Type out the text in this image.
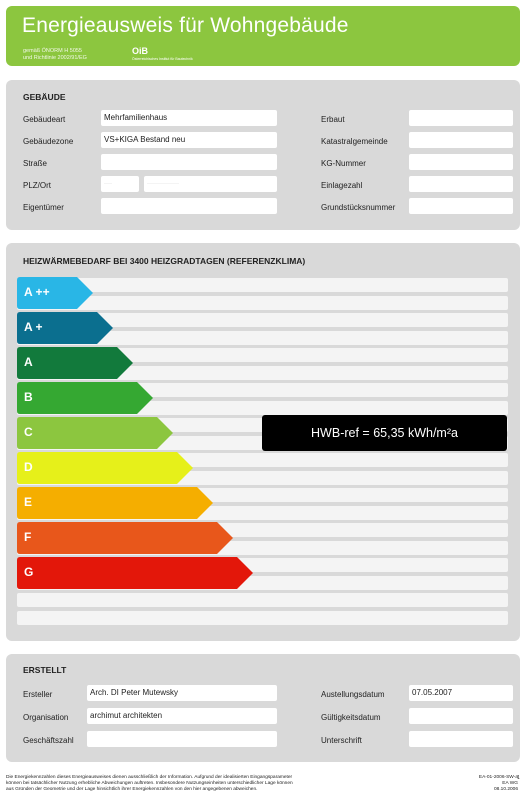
Energieausweis für Wohngebäude
gemäß ÖNORM H 5055
und Richtlinie 2002/91/EG
OiB
Österreichisches Institut für Bautechnik
GEBÄUDE
Gebäudeart	Mehrfamilienhaus
Gebäudezone	VS+KIGA Bestand neu
Straße
PLZ/Ort	····	················
Eigentümer
Erbaut
Katastralgemeinde
KG-Nummer
Einlagezahl
Grundstücksnummer
HEIZWÄRMEBEDARF BEI 3400 HEIZGRADTAGEN (REFERENZKLIMA)
A ++
A +
A
B
C
D
E
F
G
HWB-ref = 65,35 kWh/m²a
ERSTELLT
Ersteller	Arch. DI Peter Mutewsky
Organisation	archimut architekten
Geschäftszahl
Austellungsdatum	07.05.2007
Gültigkeitsdatum
Unterschrift
Die Energiekennzahlen dieses Energieausweises dienen ausschließlich der Information. Aufgrund der idealisierten Eingangsparameter
können bei tatsächlicher Nutzung erhebliche Abweichungen auftreten. Insbesondere Nutzungseinheiten unterschiedlicher Lage können
aus Gründen der Geometrie und der Lage hinsichtlich ihrer Energiekennzahlen von den hier angegebenen abweichen.
EA-01-2006-SW-a
EA WG
08.10.2006
1
